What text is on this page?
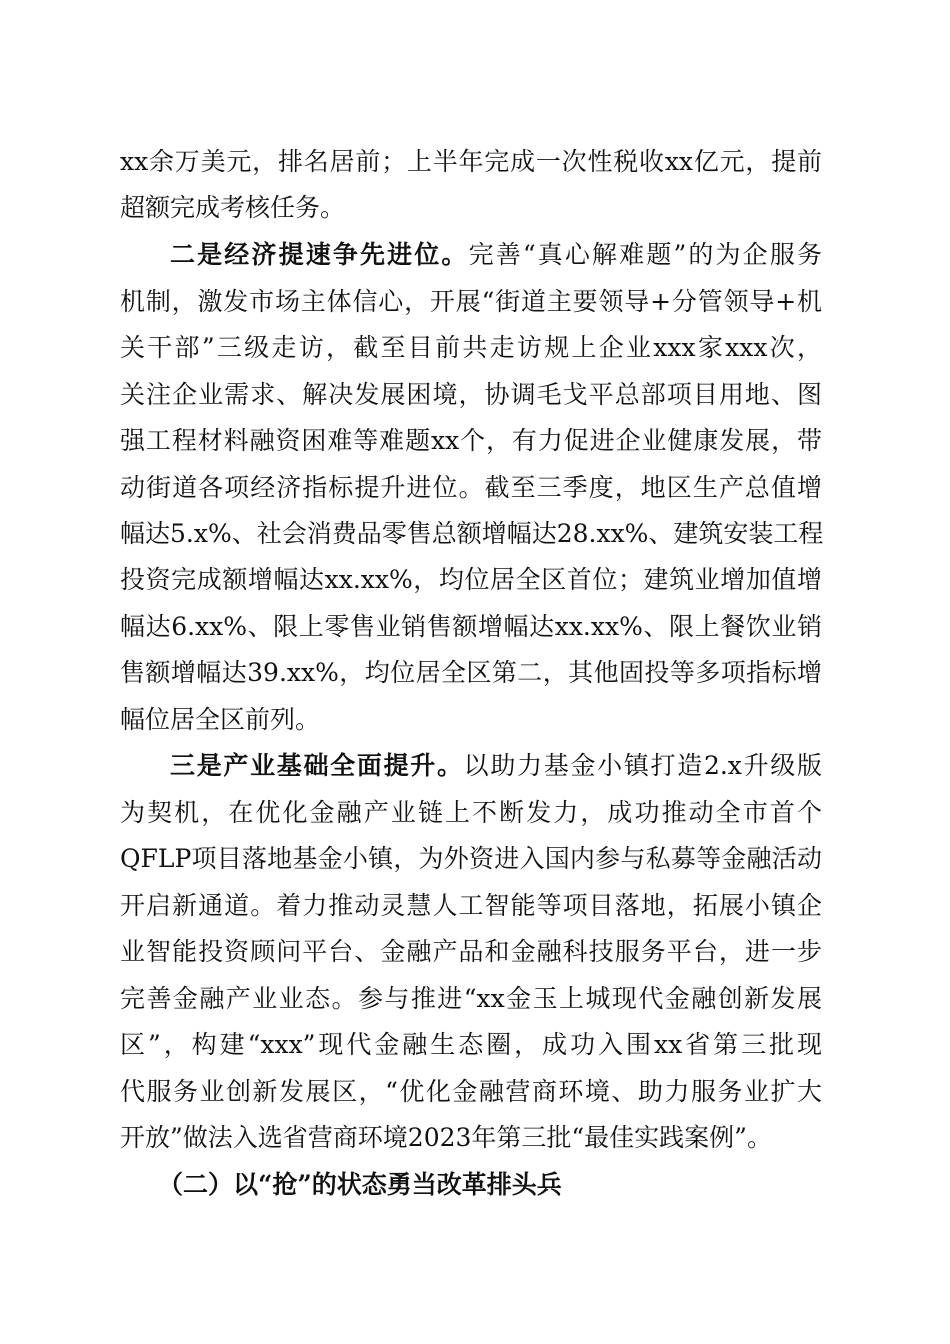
xx余万美元，排名居前；上半年完成一次性税收xx亿元，提前
超额完成考核任务。
二是经济提速争先进位。完善“真心解难题”的为企服务
机制，激发市场主体信心，开展“街道主要领导+分管领导+机
关干部”三级走访，截至目前共走访规上企业xxx家xxx次，
关注企业需求、解决发展困境，协调毛戈平总部项目用地、图
强工程材料融资困难等难题xx个，有力促进企业健康发展，带
动街道各项经济指标提升进位。截至三季度，地区生产总值增
幅达5.x%、社会消费品零售总额增幅达28.xx%、建筑安装工程
投资完成额增幅达xx.xx%，均位居全区首位；建筑业增加值增
幅达6.xx%、限上零售业销售额增幅达xx.xx%、限上餐饮业销
售额增幅达39.xx%，均位居全区第二，其他固投等多项指标增
幅位居全区前列。
三是产业基础全面提升。以助力基金小镇打造2.x升级版
为契机，在优化金融产业链上不断发力，成功推动全市首个
QFLP项目落地基金小镇，为外资进入国内参与私募等金融活动
开启新通道。着力推动灵慧人工智能等项目落地，拓展小镇企
业智能投资顾问平台、金融产品和金融科技服务平台，进一步
完善金融产业业态。参与推进“xx金玉上城现代金融创新发展
区”，构建“xxx”现代金融生态圈，成功入围xx省第三批现
代服务业创新发展区，“优化金融营商环境、助力服务业扩大
开放”做法入选省营商环境2023年第三批“最佳实践案例”。
（二）以“抢”的状态勇当改革排头兵
